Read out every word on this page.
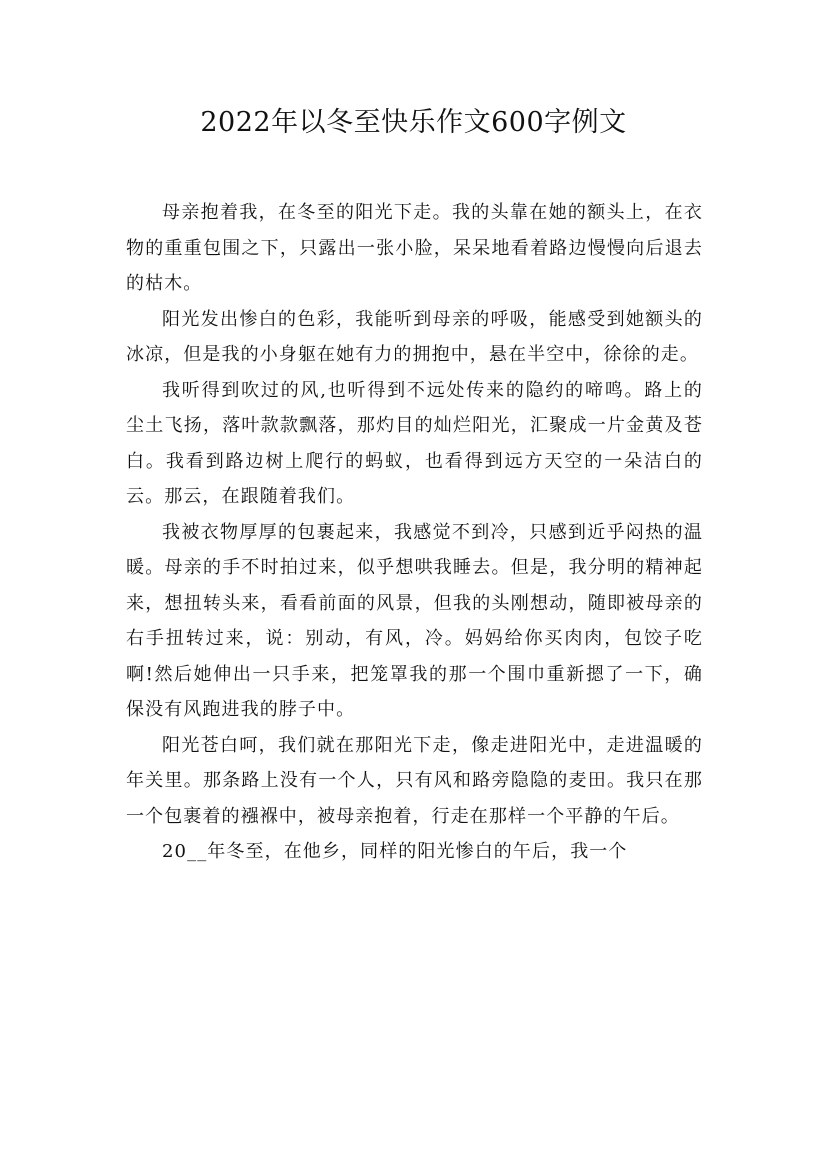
2022年以冬至快乐作文600字例文

母亲抱着我，在冬至的阳光下走。我的头靠在她的额头上，在衣物的重重包围之下，只露出一张小脸，呆呆地看着路边慢慢向后退去的枯木。

阳光发出惨白的色彩，我能听到母亲的呼吸，能感受到她额头的冰凉，但是我的小身躯在她有力的拥抱中，悬在半空中，徐徐的走。

我听得到吹过的风,也听得到不远处传来的隐约的啼鸣。路上的尘土飞扬，落叶款款飘落，那灼目的灿烂阳光，汇聚成一片金黄及苍白。我看到路边树上爬行的蚂蚁，也看得到远方天空的一朵洁白的云。那云，在跟随着我们。

我被衣物厚厚的包裹起来，我感觉不到冷，只感到近乎闷热的温暖。母亲的手不时拍过来，似乎想哄我睡去。但是，我分明的精神起来，想扭转头来，看看前面的风景，但我的头刚想动，随即被母亲的右手扭转过来，说：别动，有风，冷。妈妈给你买肉肉，包饺子吃啊!然后她伸出一只手来，把笼罩我的那一个围巾重新摁了一下，确保没有风跑进我的脖子中。

阳光苍白呵，我们就在那阳光下走，像走进阳光中，走进温暖的年关里。那条路上没有一个人，只有风和路旁隐隐的麦田。我只在那一个包裹着的襁褓中，被母亲抱着，行走在那样一个平静的午后。

20__年冬至，在他乡，同样的阳光惨白的午后，我一个
